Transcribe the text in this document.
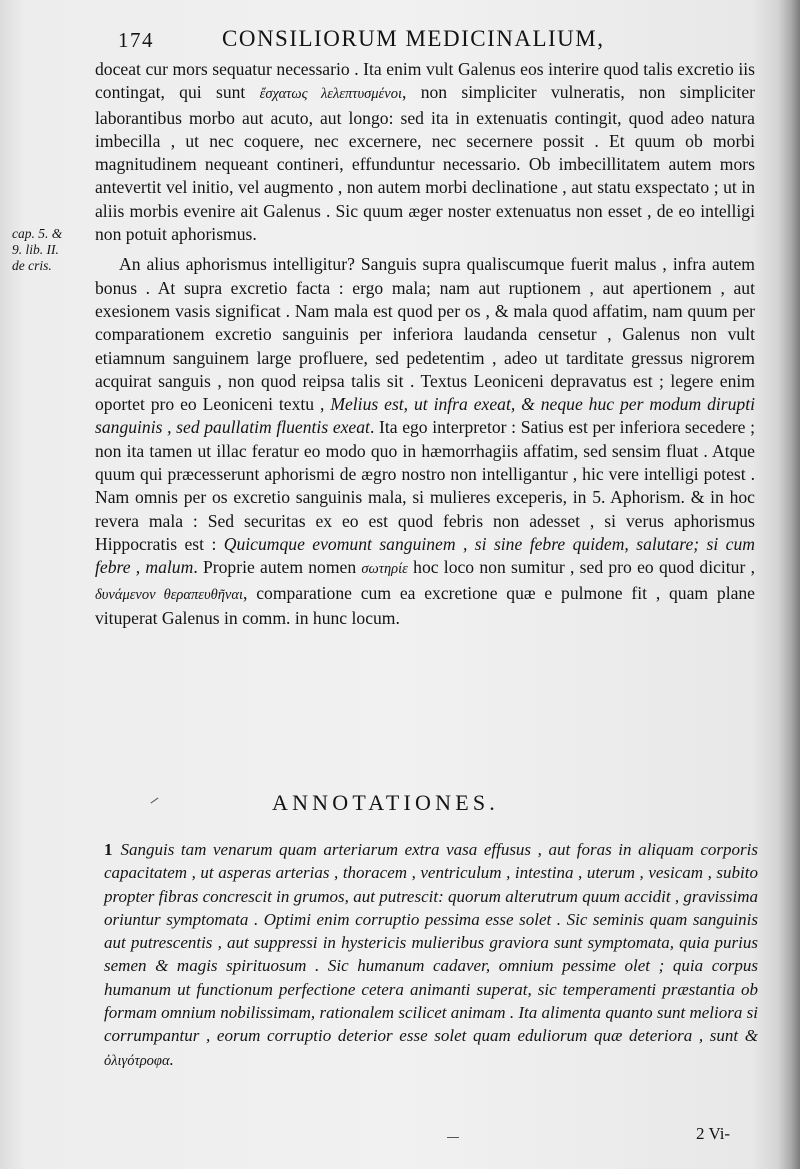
174	CONSILIORUM MEDICINALIUM,
cap. 5. &
9. lib. II.
de cris.

doceat cur mors sequatur necessario . Ita enim vult Galenus eos interire quod talis excretio iis contingat, qui sunt ἔσχατως λελεπτυσμένοι, non simpliciter vulneratis, non simpliciter laborantibus morbo aut acuto, aut longo: sed ita in extenuatis contingit, quod adeo natura imbecilla , ut nec coquere, nec excernere, nec secernere possit . Et quum ob morbi magnitudinem nequeant contineri, effunduntur necessario. Ob imbecillitatem autem mors antevertit vel initio, vel augmento , non autem morbi declinatione , aut statu exspectato ; ut in aliis morbis evenire ait Galenus . Sic quum æger noster extenuatus non esset , de eo intelligi non potuit aphorismus.

An alius aphorismus intelligitur? Sanguis supra qualiscumque fuerit malus , infra autem bonus . At supra excretio facta : ergo mala; nam aut ruptionem , aut apertionem , aut exesionem vasis significat . Nam mala est quod per os , & mala quod affatim, nam quum per comparationem excretio sanguinis per inferiora laudanda censetur , Galenus non vult etiamnum sanguinem large profluere, sed pedetentim , adeo ut tarditate gressus nigrorem acquirat sanguis , non quod reipsa talis sit . Textus Leoniceni depravatus est ; legere enim oportet pro eo Leoniceni textu , Melius est, ut infra exeat, & neque huc per modum dirupti sanguinis , sed paullatim fluentis exeat. Ita ego interpretor : Satius est per inferiora secedere ; non ita tamen ut illac feratur eo modo quo in hæmorrhagiis affatim, sed sensim fluat . Atque quum qui præcesserunt aphorismi de ægro nostro non intelligantur , hic vere intelligi potest . Nam omnis per os excretio sanguinis mala, si mulieres exceperis, in 5. Aphorism. & in hoc revera mala : Sed securitas ex eo est quod febris non adesset , si verus aphorismus Hippocratis est : Quicumque evomunt sanguinem , si sine febre quidem, salutare; si cum febre , malum. Proprie autem nomen σωτηρίε hoc loco non sumitur , sed pro eo quod dicitur , δυνάμενον θεραπευθῆναι, comparatione cum ea excretione quæ e pulmone fit , quam plane vituperat Galenus in comm. in hunc locum.

ANNOTATIONES.
1 Sanguis tam venarum quam arteriarum extra vasa effusus , aut foras in aliquam corporis capacitatem , ut asperas arterias , thoracem , ventriculum , intestina , uterum , vesicam , subito propter fibras concrescit in grumos, aut putrescit: quorum alterutrum quum accidit , gravissima oriuntur symptomata . Optimi enim corruptio pessima esse solet . Sic seminis quam sanguinis aut putrescentis , aut suppressi in hystericis mulieribus graviora sunt symptomata, quia purius semen & magis spirituosum . Sic humanum cadaver, omnium pessime olet ; quia corpus humanum ut functionum perfectione cetera animanti superat, sic temperamenti præstantia ob formam omnium nobilissimam, rationalem scilicet animam . Ita alimenta quanto sunt meliora si corrumpantur , eorum corruptio deterior esse solet quam eduliorum quæ deteriora , sunt & ὀλιγότροφα.
2 Vi-
